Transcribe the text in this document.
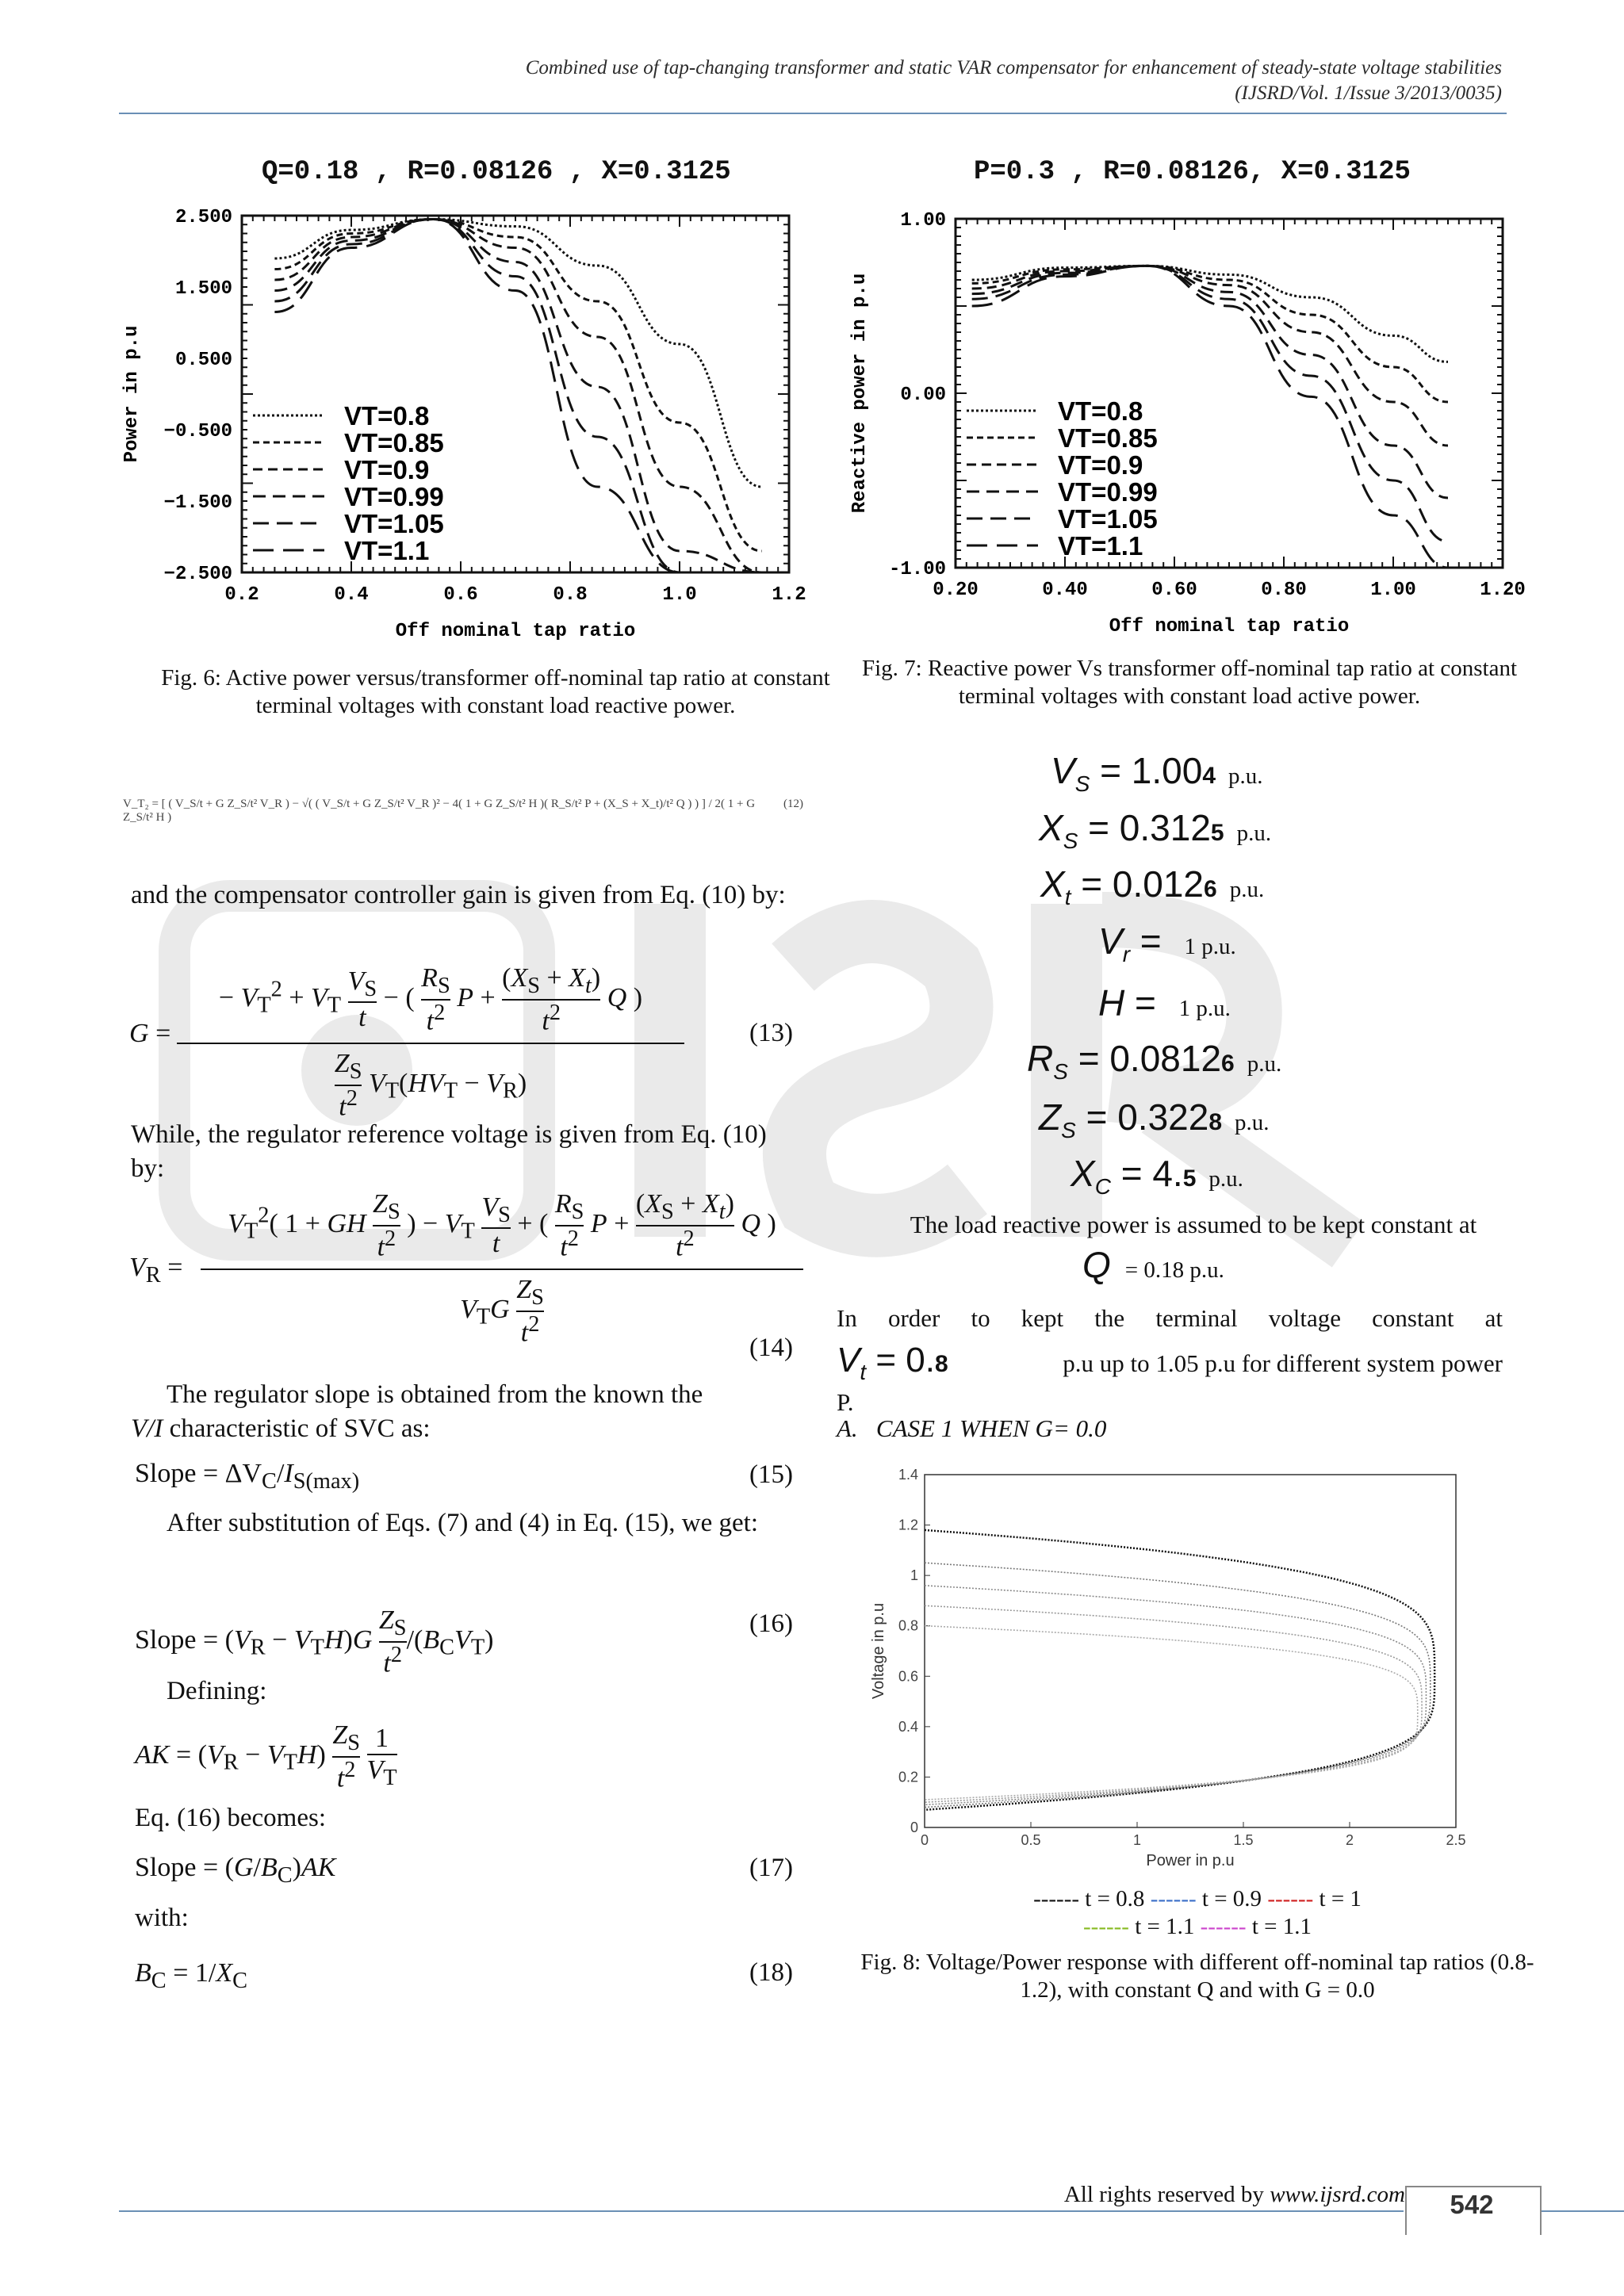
Combined use of tap-changing transformer and static VAR compensator for enhancement of steady-state voltage stabilities
(IJSRD/Vol. 1/Issue 3/2013/0035)
Q=0.18 , R=0.08126 , X=0.3125
0.2	0.4	0.6	0.8	1.0	1.2
2.500
1.500
0.500
−0.500
−1.500
−2.500
Off nominal tap ratio
Power in p.u	VT=0.8
VT=0.85
VT=0.9
VT=0.99
VT=1.05
VT=1.1
Fig. 6: Active power versus/transformer off-nominal tap ratio at constant terminal voltages with constant load reactive power.
P=0.3 , R=0.08126, X=0.3125
0.20	0.40	0.60	0.80	1.00	1.20
1.00
0.00
-1.00
Off nominal tap ratio
Reactive power in p.u	VT=0.8
VT=0.85
VT=0.9
VT=0.99
VT=1.05
VT=1.1
Fig. 7: Reactive power Vs transformer off-nominal tap ratio at constant terminal voltages with constant load active power.
V_T₂ = [ ( V_S/t + G Z_S/t² V_R ) − √( ( V_S/t + G Z_S/t² V_R )² − 4( 1 + G Z_S/t² H )( R_S/t² P + (X_S + X_t)/t² Q ) ) ] / 2( 1 + G Z_S/t² H )
(12)
and the compensator controller gain is given from Eq. (10) by:
G =
− $V_T^2 + V_T \frac{V_S}{t}$ − ( $\frac{R_S}{t^2}$ $P + \frac{(X_S + X_t)}{t^2}$ Q )
$\frac{Z_S}{t^2} V_T(HV_T - V_R)$
(13)
While, the regulator reference voltage is given from Eq. (10) by:
$V_R$ =
$V_T^2$( 1 + GH $\frac{Z_S}{t^2}$ ) − $V_T \frac{V_S}{t}$ + ( $\frac{R_S}{t^2}$ $P + \frac{(X_S + X_t)}{t^2}$ Q )
$V_TG \frac{Z_S}{t^2}$	(14)
The regulator slope is obtained from the known the
V/I characteristic of SVC as:
Slope = $\Delta V_C/I_{S(max)}$	(15)
After substitution of Eqs. (7) and (4) in Eq. (15), we get:
Slope = $(V_R - V_TH)G \frac{Z_S}{t^2} /(B_CV_T)$
(16)
Defining:
AK = $(V_R - V_TH) \frac{Z_S}{t^2}$
$\frac{1}{V_T}$
Eq. (16) becomes:
Slope = $(G/B_C)AK$	(17)
with:
$B_C = 1/X_C$	(18)
$V_S = 1.004$ p.u.
$X_S = 0.3125$ p.u.
$X_t = 0.0126$ p.u.
$V_r = 1$ p.u.
H = 1 p.u.
$R_S = 0.08126$ p.u.
$Z_S = 0.3228$ p.u.
$X_C = 4.5$ p.u.
The load reactive power is assumed to be kept constant at
Q = 0.18 p.u.
In order to kept the terminal voltage constant at
$V_t = 0.8$	p.u up to 1.05 p.u for different system power
P.
A.   CASE 1 WHEN G= 0.0
0	0.5	1	1.5	2	2.5
1.4
1.2
1
0.8
0.6
0.4
0.2
0
Power in p.u
Voltage in p.u
------ t = 0.8 ------ t = 0.9 ------ t = 1
------ t = 1.1 ------ t = 1.1
Fig. 8: Voltage/Power response with different off-nominal tap ratios (0.8-1.2), with constant Q and with G = 0.0
All rights reserved by www.ijsrd.com	542
